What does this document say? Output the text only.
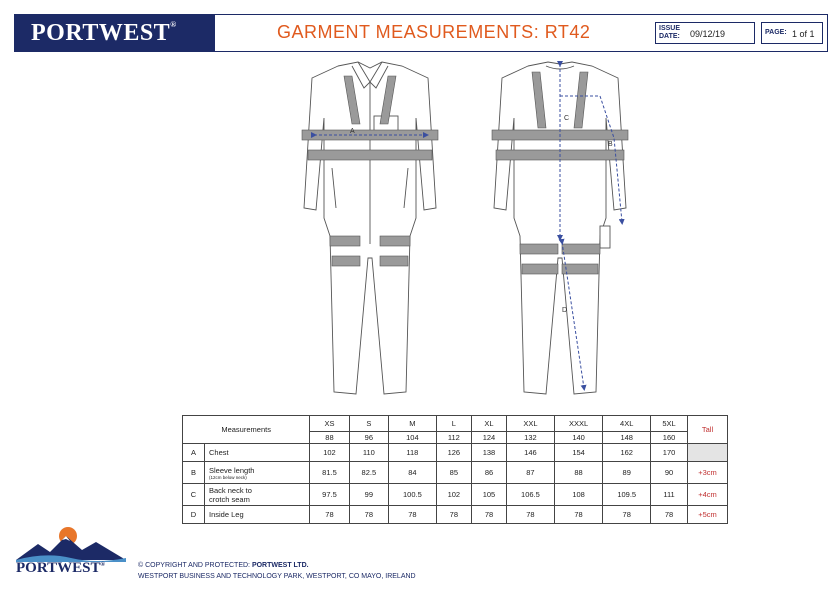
PORTWEST®	GARMENT MEASUREMENTS: RT42	ISSUE
DATE: 09/12/19	PAGE: 1 of 1
A
C
B
D
Measurements		XS	S	M	L	XL	XXL	XXXL	4XL	5XL	Tall
		88	96	104	112	124	132	140	148	160	
A	Chest	102	110	118	126	138	146	154	162	170	
B	Sleeve length
(12cm below neck)	81.5	82.5	84	85	86	87	88	89	90	+3cm
C	Back neck to
crotch seam	97.5	99	100.5	102	105	106.5	108	109.5	111	+4cm
D	Inside Leg	78	78	78	78	78	78	78	78	78	+5cm
PORTWEST®	© COPYRIGHT AND PROTECTED: PORTWEST LTD.
WESTPORT BUSINESS AND TECHNOLOGY PARK, WESTPORT, CO MAYO, IRELAND
